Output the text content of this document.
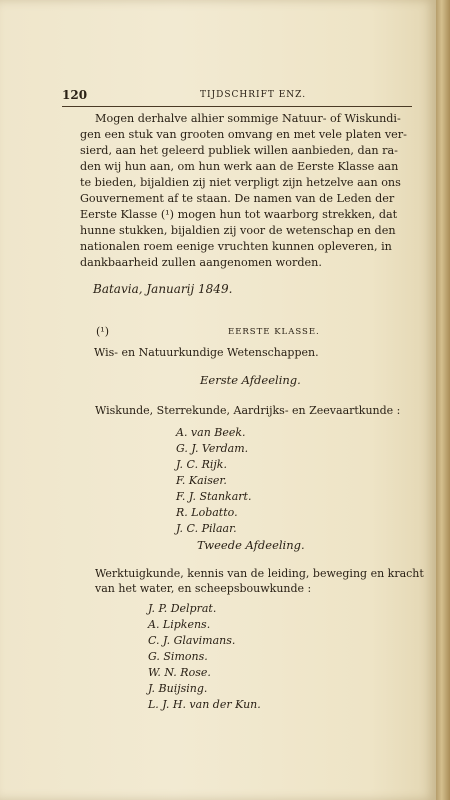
120	TIJDSCHRIFT ENZ.
Mogen derhalve alhier sommige Natuur- of Wiskundi-
gen een stuk van grooten omvang en met vele platen ver-
sierd, aan het geleerd publiek willen aanbieden, dan ra-
den wij hun aan, om hun werk aan de Eerste Klasse aan
te bieden, bijaldien zij niet verpligt zijn hetzelve aan ons
Gouvernement af te staan. De namen van de Leden der
Eerste Klasse (¹) mogen hun tot waarborg strekken, dat
hunne stukken, bijaldien zij voor de wetenschap en den
nationalen roem eenige vruchten kunnen opleveren, in
dankbaarheid zullen aangenomen worden.
Batavia, Januarij 1849.
(¹)	EERSTE KLASSE.
Wis- en Natuurkundige Wetenschappen.
Eerste Afdeeling.
Wiskunde, Sterrekunde, Aardrijks- en Zeevaartkunde :
A. van Beek.
G. J. Verdam.
J. C. Rijk.
F. Kaiser.
F. J. Stankart.
R. Lobatto.
J. C. Pilaar.
Tweede Afdeeling.
Werktuigkunde, kennis van de leiding, beweging en kracht
van het water, en scheepsbouwkunde :
J. P. Delprat.
A. Lipkens.
C. J. Glavimans.
G. Simons.
W. N. Rose.
J. Buijsing.
L. J. H. van der Kun.
